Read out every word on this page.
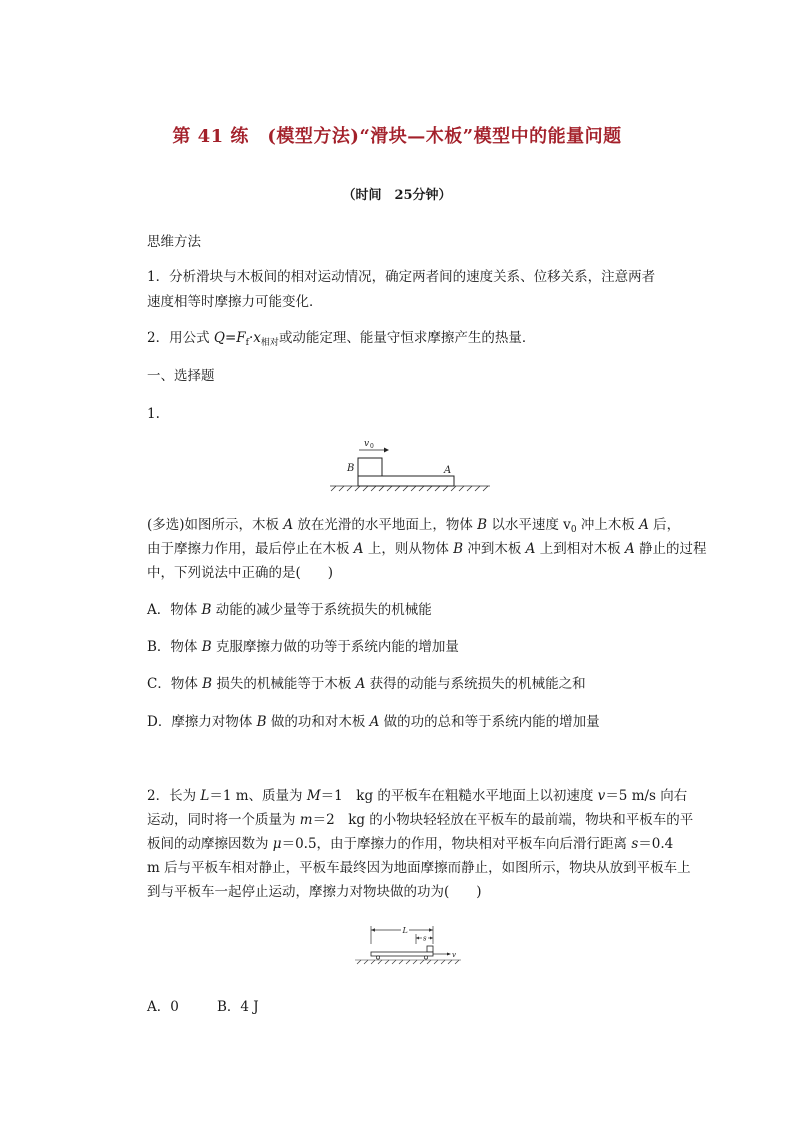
第 41 练　(模型方法)“滑块—木板”模型中的能量问题
（时间　25分钟）
思维方法
1．分析滑块与木板间的相对运动情况，确定两者间的速度关系、位移关系，注意两者
速度相等时摩擦力可能变化．
2．用公式 $Q=F_f\cdot x_{相对}$或动能定理、能量守恒求摩擦产生的热量．
一、选择题
1.
v 0
B	A
(多选)如图所示，木板 A 放在光滑的水平地面上，物体 B 以水平速度 $v_0$ 冲上木板 A 后，
由于摩擦力作用，最后停止在木板 A 上，则从物体 B 冲到木板 A 上到相对木板 A 静止的过程
中，下列说法中正确的是(　　)
A．物体 B 动能的减少量等于系统损失的机械能
B．物体 B 克服摩擦力做的功等于系统内能的增加量
C．物体 B 损失的机械能等于木板 A 获得的动能与系统损失的机械能之和
D．摩擦力对物体 B 做的功和对木板 A 做的功的总和等于系统内能的增加量
2．长为 L＝1 m、质量为 M＝1　kg 的平板车在粗糙水平地面上以初速度 v＝5 m/s 向右
运动，同时将一个质量为 m＝2　kg 的小物块轻轻放在平板车的最前端，物块和平板车的平
板间的动摩擦因数为 μ＝0.5，由于摩擦力的作用，物块相对平板车向后滑行距离 s＝0.4
m 后与平板车相对静止，平板车最终因为地面摩擦而静止，如图所示，物块从放到平板车上
到与平板车一起停止运动，摩擦力对物块做的功为(　　)
L
s
v
A．0	B．4 J
